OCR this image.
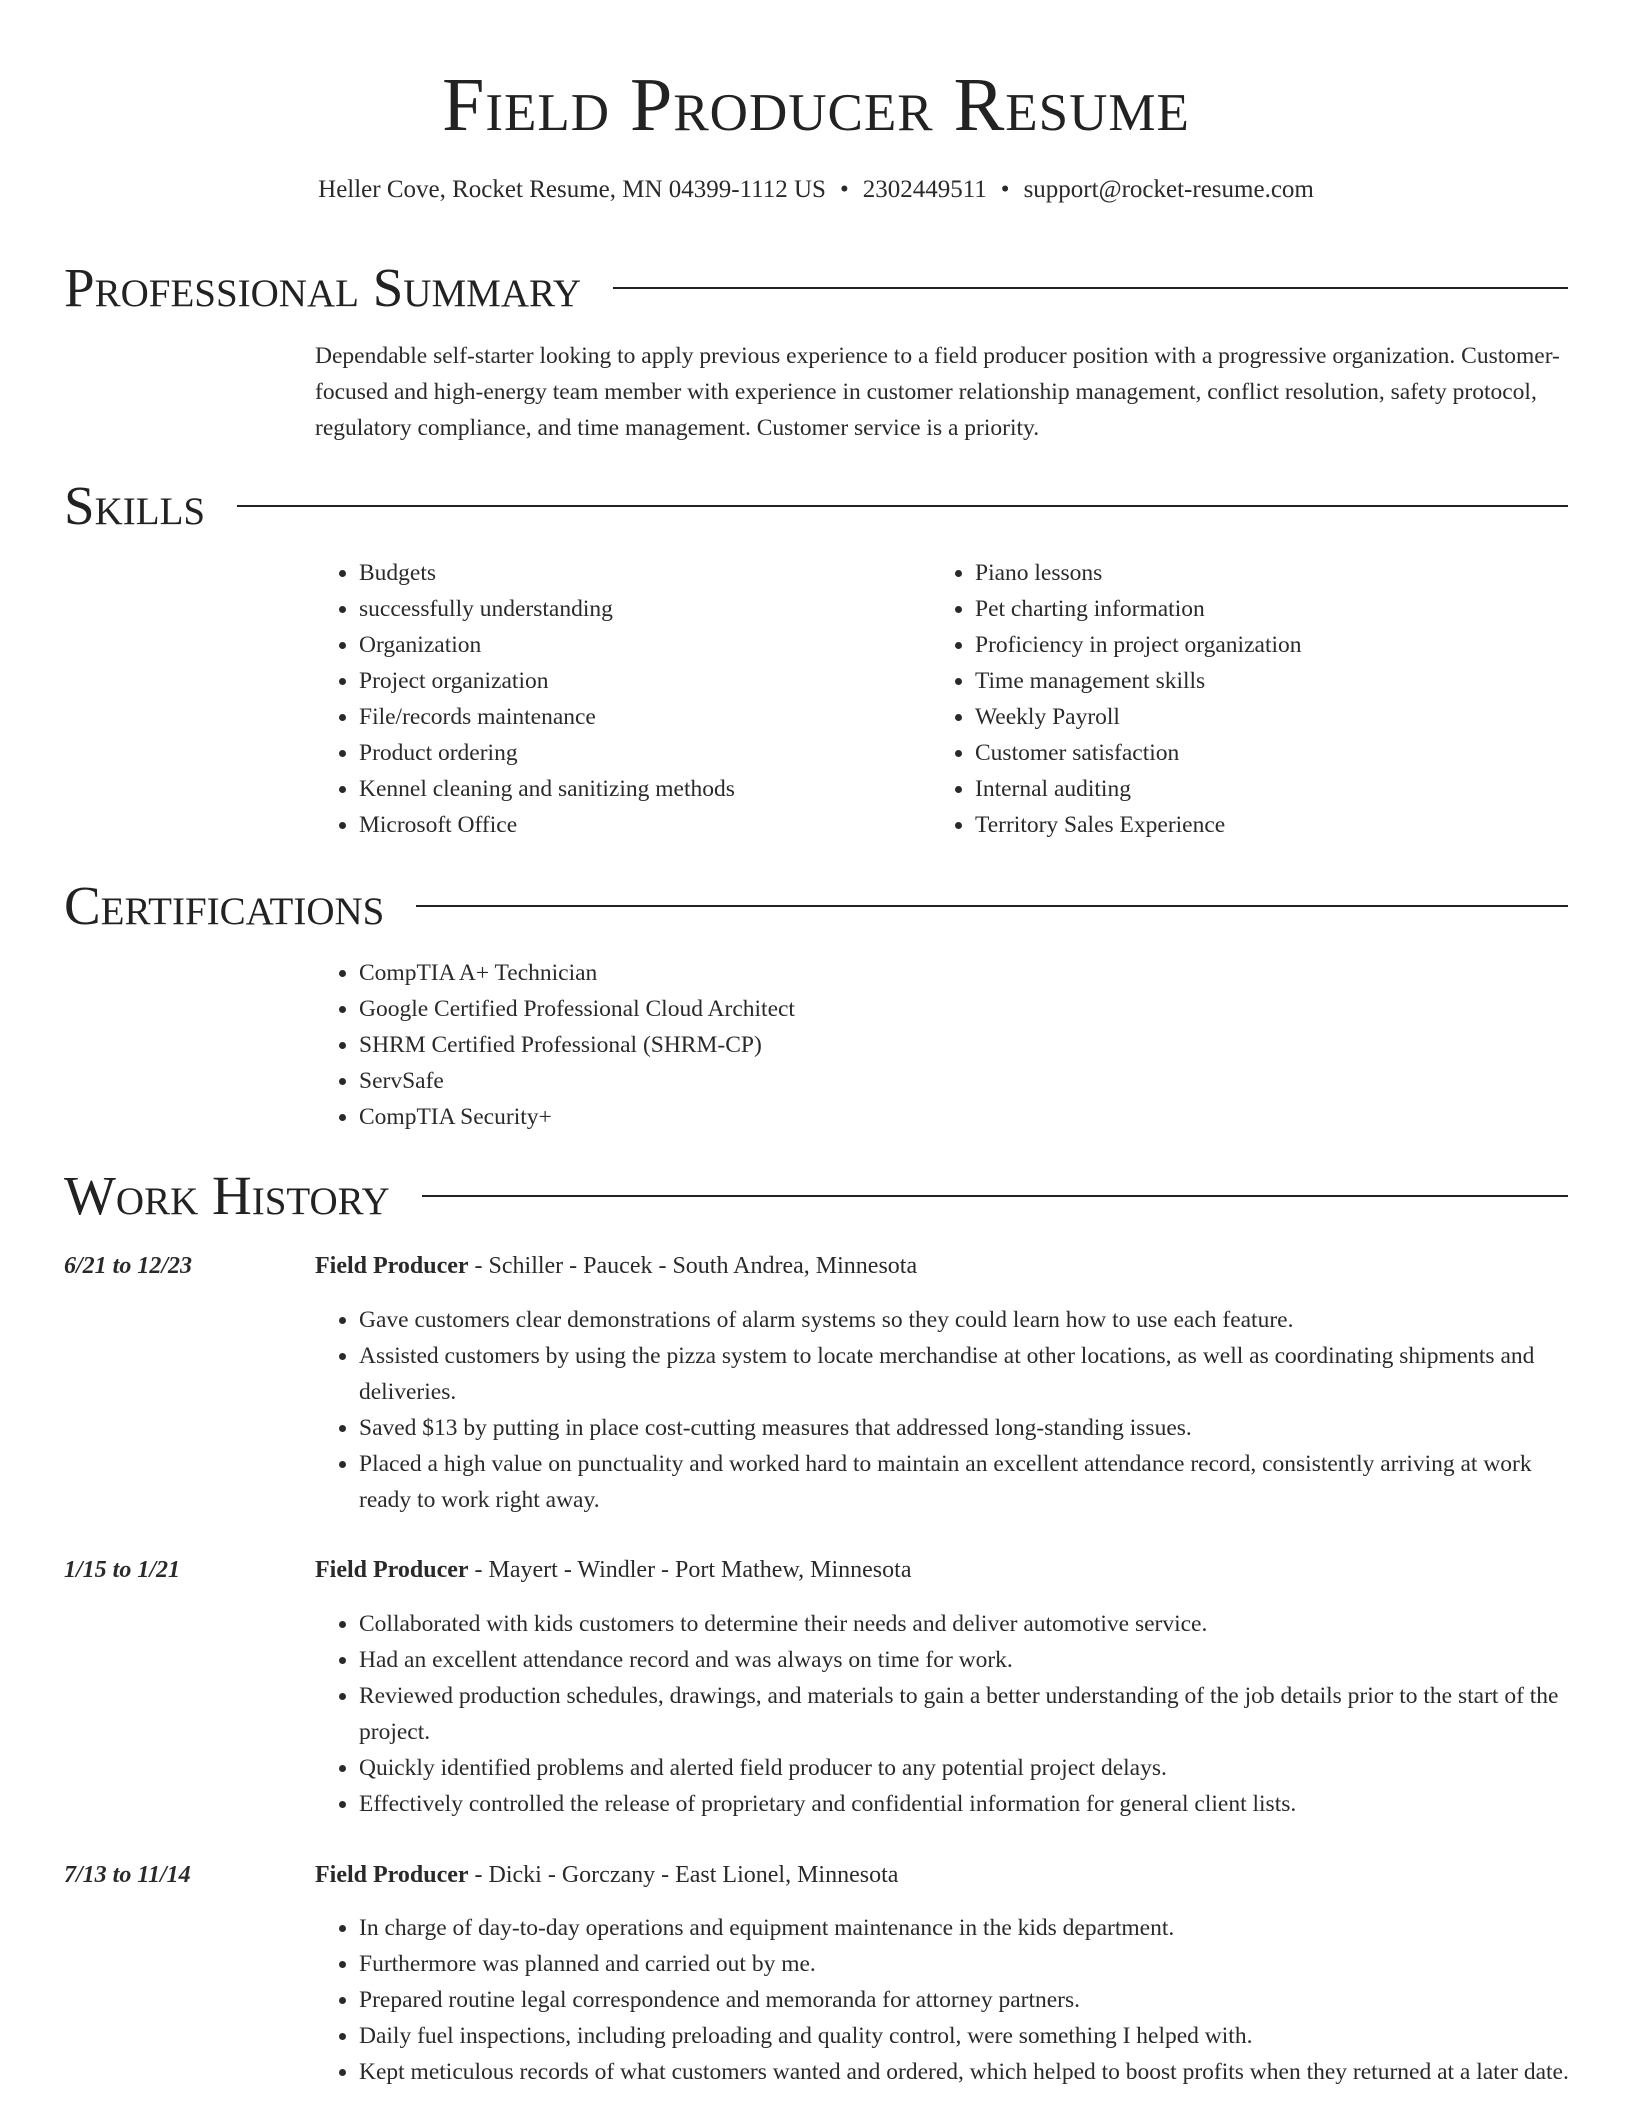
Field Producer Resume
Heller Cove, Rocket Resume, MN 04399-1112 US • 2302449511 • support@rocket-resume.com
Professional Summary
Dependable self-starter looking to apply previous experience to a field producer position with a progressive organization. Customer-focused and high-energy team member with experience in customer relationship management, conflict resolution, safety protocol, regulatory compliance, and time management. Customer service is a priority.
Skills
• Budgets
• successfully understanding
• Organization
• Project organization
• File/records maintenance
• Product ordering
• Kennel cleaning and sanitizing methods
• Microsoft Office
• Piano lessons
• Pet charting information
• Proficiency in project organization
• Time management skills
• Weekly Payroll
• Customer satisfaction
• Internal auditing
• Territory Sales Experience
Certifications
• CompTIA A+ Technician
• Google Certified Professional Cloud Architect
• SHRM Certified Professional (SHRM-CP)
• ServSafe
• CompTIA Security+
Work History
6/21 to 12/23	Field Producer - Schiller - Paucek - South Andrea, Minnesota
• Gave customers clear demonstrations of alarm systems so they could learn how to use each feature.
• Assisted customers by using the pizza system to locate merchandise at other locations, as well as coordinating shipments and deliveries.
• Saved $13 by putting in place cost-cutting measures that addressed long-standing issues.
• Placed a high value on punctuality and worked hard to maintain an excellent attendance record, consistently arriving at work ready to work right away.
1/15 to 1/21	Field Producer - Mayert - Windler - Port Mathew, Minnesota
• Collaborated with kids customers to determine their needs and deliver automotive service.
• Had an excellent attendance record and was always on time for work.
• Reviewed production schedules, drawings, and materials to gain a better understanding of the job details prior to the start of the project.
• Quickly identified problems and alerted field producer to any potential project delays.
• Effectively controlled the release of proprietary and confidential information for general client lists.
7/13 to 11/14	Field Producer - Dicki - Gorczany - East Lionel, Minnesota
• In charge of day-to-day operations and equipment maintenance in the kids department.
• Furthermore was planned and carried out by me.
• Prepared routine legal correspondence and memoranda for attorney partners.
• Daily fuel inspections, including preloading and quality control, were something I helped with.
• Kept meticulous records of what customers wanted and ordered, which helped to boost profits when they returned at a later date.
